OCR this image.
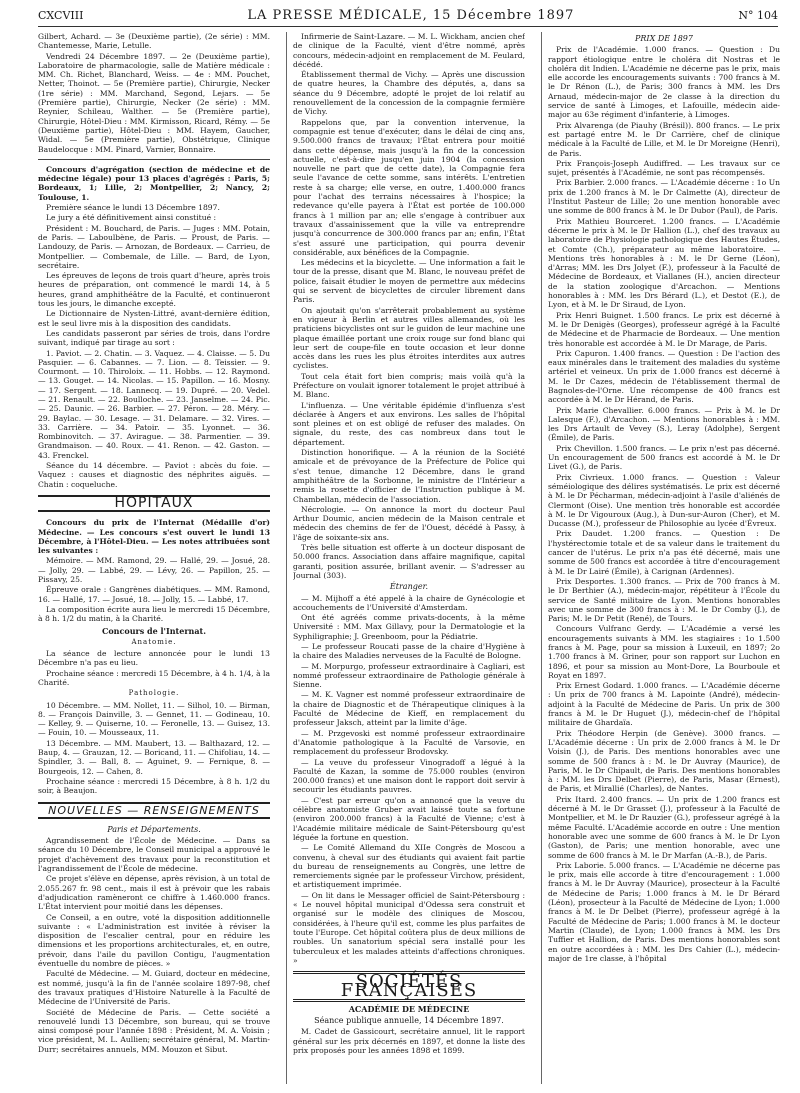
CXCVIII	LA PRESSE MÉDICALE, 15 Décembre 1897	N° 104

Gilbert, Achard. — 3e (Deuxième partie), (2e série) : MM. Chantemesse, Marie, Letulle.

Vendredi 24 Décembre 1897. — 2e (Deuxième partie), Laboratoire de pharmacologie, salle de Matière médicale : MM. Ch. Richet, Blanchard, Weiss. — 4e : MM. Pouchet, Netter, Thoinot. — 5e (Première partie), Chirurgie, Necker (1re série) : MM. Marchand, Segond, Lejars. — 5e (Première partie), Chirurgie, Necker (2e série) : MM. Reynier, Schileau, Walther. — 5e (Première partie), Chirurgie, Hôtel-Dieu : MM. Kirmisson, Ricard, Rémy. — 5e (Deuxième partie), Hôtel-Dieu : MM. Hayem, Gaucher, Widal. — 5e (Première partie), Obstétrique, Clinique Baudelocque : MM. Pinard, Varnier, Bonnaire.

Concours d'agrégation (section de médecine et de médecine légale) pour 13 places d'agrégés : Paris, 5; Bordeaux, 1; Lille, 2; Montpellier, 2; Nancy, 2; Toulouse, 1.

Première séance le lundi 13 Décembre 1897.

Le jury a été définitivement ainsi constitué :

Président : M. Bouchard, de Paris. — Juges : MM. Potain, de Paris. — Laboulbène, de Paris. — Proust, de Paris. — Landouzy, de Paris. — Arnozan, de Bordeaux. — Carrieu, de Montpellier. — Combemale, de Lille. — Bard, de Lyon, secrétaire.

Les épreuves de leçons de trois quart d'heure, après trois heures de préparation, ont commencé le mardi 14, à 5 heures, grand amphithéâtre de la Faculté, et continueront tous les jours, le dimanche excepté.

Le Dictionnaire de Nysten-Littré, avant-dernière édition, est le seul livre mis à la disposition des candidats.

Les candidats passeront par séries de trois, dans l'ordre suivant, indiqué par tirage au sort :

1. Paviot. — 2. Chatin. — 3. Vaquez. — 4. Claisse. — 5. Du Pasquier. — 6. Cabannes. — 7. Lion. — 8. Teissier. — 9. Courmont. — 10. Thiroloix. — 11. Hobbs. — 12. Raymond. — 13. Gouget. — 14. Nicolas. — 15. Papillon. — 16. Mosny. — 17. Sergent. — 18. Lannecq. — 19. Dupré. — 20. Vedel. — 21. Renault. — 22. Boulloche. — 23. Janselme. — 24. Pic. — 25. Daunic. — 26. Barbier. — 27. Péron. — 28. Méry. — 29. Baylac. — 30. Lesage. — 31. Delamare. — 32. Vires. — 33. Carrière. — 34. Patoir. — 35. Lyonnet. — 36. Rombinovitch. — 37. Avirague. — 38. Parmentier. — 39. Grandmaison. — 40. Roux. — 41. Renon. — 42. Gaston. — 43. Frenckel.

Séance du 14 décembre. — Paviot : abcès du foie. — Vaquez : causes et diagnostic des néphrites aiguës. — Chatin : coqueluche.

HOPITAUX

Concours du prix de l'Internat (Médaille d'or) Médecine. — Les concours s'est ouvert le lundi 13 Décembre, à l'Hôtel-Dieu. — Les notes attribuées sont les suivantes :

Mémoire. — MM. Ramond, 29. — Hallé, 29. — Josué, 28. — Jolly, 29. — Labbé, 29. — Lévy, 26. — Papillon, 25. — Pissavy, 25.

Épreuve orale : Gangrènes diabétiques. — MM. Ramond, 16. — Hallé, 17. — Josué, 18. — Jolly, 15. — Labbé, 17.

La composition écrite aura lieu le mercredi 15 Décembre, à 8 h. 1/2 du matin, à la Charité.

Concours de l'Internat.
Anatomie.

La séance de lecture annoncée pour le lundi 13 Décembre n'a pas eu lieu.

Prochaine séance : mercredi 15 Décembre, à 4 h. 1/4, à la Charité.

Pathologie.

10 Décembre. — MM. Nollet, 11. — Silhol, 10. — Birman, 8. — François Dainville, 3. — Gennet, 11. — Godineau, 10. — Kelley, 9. — Quiserne, 10. — Feronelle, 13. — Guisez, 13. — Fouin, 10. — Mousseaux, 11.

13 Décembre. — MM. Maubert, 13. — Balthazard, 12. — Baup, 4. — Grauzan, 12. — Boricand, 11. — Chifoliau, 14. — Spindler, 3. — Ball, 8. — Aguinet, 9. — Fernique, 8. — Bourgeois, 12. — Cahen, 8.

Prochaine séance : mercredi 15 Décembre, à 8 h. 1/2 du soir, à Beaujon.

NOUVELLES — RENSEIGNEMENTS
Paris et Départements.

Agrandissement de l'École de Médecine. — Dans sa séance du 10 Décembre, le Conseil municipal a approuvé le projet d'achèvement des travaux pour la reconstitution et l'agrandissement de l'École de médecine.

Ce projet s'élève en dépense, après révision, à un total de 2.055.267 fr. 98 cent., mais il est à prévoir que les rabais d'adjudication ramèneront ce chiffre à 1.460.000 francs. L'État intervient pour moitié dans les dépenses.

Ce Conseil, a en outre, voté la disposition additionnelle suivante : « L'administration est invitée à réviser la disposition de l'escalier central, pour en réduire les dimensions et les proportions architecturales, et, en outre, prévoir, dans l'aile du pavillon Contigu, l'augmentation éventuelle du nombre de pièces. »

Faculté de Médecine. — M. Guiard, docteur en médecine, est nommé, jusqu'à la fin de l'année scolaire 1897-98, chef des travaux pratiques d'Histoire Naturelle à la Faculté de Médecine de l'Université de Paris.

Société de Médecine de Paris. — Cette société a renouvelé lundi 13 Décembre, son bureau, qui se trouve ainsi composé pour l'année 1898 : Président, M. A. Voisin ; vice président, M. L. Aullien; secrétaire général, M. Martin-Durr; secrétaires annuels, MM. Mouzon et Sibut.

Infirmerie de Saint-Lazare. — M. L. Wickham, ancien chef de clinique de la Faculté, vient d'être nommé, après concours, médecin-adjoint en remplacement de M. Feulard, décédé.

Établissement thermal de Vichy. — Après une discussion de quatre heures, la Chambre des députés, a, dans sa séance du 9 Décembre, adopté le projet de loi relatif au renouvellement de la concession de la compagnie fermière de Vichy.

Rappelons que, par la convention intervenue, la compagnie est tenue d'exécuter, dans le délai de cinq ans, 9.500.000 francs de travaux; l'État entrera pour moitié dans cette dépense, mais jusqu'à la fin de la concession actuelle, c'est-à-dire jusqu'en juin 1904 (la concession nouvelle ne part que de cette date), la Compagnie fera seule l'avance de cette somme, sans intérêts. L'entretien reste à sa charge; elle verse, en outre, 1.400.000 francs pour l'achat des terrains nécessaires à l'hospice; la redevance qu'elle payera à l'État est portée de 100.000 francs à 1 million par an; elle s'engage à contribuer aux travaux d'assainissement que la ville va entreprendre jusqu'à concurrence de 300.000 francs par an; enfin, l'État s'est assuré une participation, qui pourra devenir considérable, aux bénéfices de la Compagnie.

Les médecins et la bicyclette. — Une information a fait le tour de la presse, disant que M. Blanc, le nouveau préfet de police, faisait étudier le moyen de permettre aux médecins qui se servent de bicyclettes de circuler librement dans Paris.

On ajoutait qu'on s'arrêterait probablement au système en vigueur à Berlin et autres villes allemandes, où les praticiens bicyclistes ont sur le guidon de leur machine une plaque émaillée portant une croix rouge sur fond blanc qui leur sert de coupe-file en toute occasion et leur donne accès dans les rues les plus étroites interdites aux autres cyclistes.

Tout cela était fort bien compris; mais voilà qu'à la Préfecture on voulait ignorer totalement le projet attribué à M. Blanc.

L'influenza. — Une véritable épidémie d'influenza s'est déclarée à Angers et aux environs. Les salles de l'hôpital sont pleines et on est obligé de refuser des malades. On signale, du reste, des cas nombreux dans tout le département.

Distinction honorifique. — A la réunion de la Société amicale et de prévoyance de la Préfecture de Police qui s'est tenue, dimanche 12 Décembre, dans le grand amphithéâtre de la Sorbonne, le ministre de l'Intérieur a remis la rosette d'officier de l'Instruction publique à M. Chambellan, médecin de l'association.

Nécrologie. — On annonce la mort du docteur Paul Arthur Doumic, ancien médecin de la Maison centrale et médecin des chemins de fer de l'Ouest, décédé à Passy, à l'âge de soixante-six ans.

Très belle situation est offerte à un docteur disposant de 50.000 francs. Association dans affaire magnifique, capital garanti, position assurée, brillant avenir. — S'adresser au Journal (303).

Étranger.

— M. Mijhoff a été appelé à la chaire de Gynécologie et accouchements de l'Université d'Amsterdam.

Ont été agréés comme privats-docents, à la même Université : MM. Max Gillavy, pour la Dermatologie et la Syphiligraphie; J. Greenboom, pour la Pédiatrie.

— Le professeur Roucati passe de la chaire d'Hygiène à la chaire des Maladies nerveuses de la Faculté de Bologne.

— M. Morpurgo, professeur extraordinaire à Cagliari, est nommé professeur extraordinaire de Pathologie générale à Sienne.

— M. K. Vagner est nommé professeur extraordinaire de la chaire de Diagnostic et de Thérapeutique cliniques à la Faculté de Médecine de Kieff, en remplacement du professeur Jaksch, atteint par la limite d'âge.

— M. Przgevoski est nommé professeur extraordinaire d'Anatomie pathologique à la Faculté de Varsovie, en remplacement du professeur Brodovsky.

— La veuve du professeur Vinogradoff a légué à la Faculté de Kazan, la somme de 75.000 roubles (environ 200.000 francs) et une maison dont le rapport doit servir à secourir les étudiants pauvres.

— C'est par erreur qu'on a annoncé que la veuve du célèbre anatomiste Gruber avait laissé toute sa fortune (environ 200.000 francs) à la Faculté de Vienne; c'est à l'Académie militaire médicale de Saint-Pétersbourg qu'est léguée la fortune en question.

— Le Comité Allemand du XIIe Congrès de Moscou a convenu, à cheval sur des étudiants qui avaient fait partie du bureau de renseignements au Congrès, une lettre de remerciements signée par le professeur Virchow, président, et artistiquement imprimée.

— On lit dans le Messager officiel de Saint-Pétersbourg : « Le nouvel hôpital municipal d'Odessa sera construit et organisé sur le modèle des cliniques de Moscou, considérées, à l'heure qu'il est, comme les plus parfaites de toute l'Europe. Cet hôpital coûtera plus de deux millions de roubles. Un sanatorium spécial sera installé pour les tuberculeux et les malades atteints d'affections chroniques. »

SOCIÉTÉS FRANÇAISES
ACADÉMIE DE MÉDECINE
Séance publique annuelle, 14 Décembre 1897.

M. Cadet de Gassicourt, secrétaire annuel, lit le rapport général sur les prix décernés en 1897, et donne la liste des prix proposés pour les années 1898 et 1899.

PRIX DE 1897

Prix de l'Académie. 1.000 francs. — Question : Du rapport étiologique entre le choléra dit Nostras et le choléra dit Indien. L'Académie ne décerne pas le prix, mais elle accorde les encouragements suivants : 700 francs à M. le Dr Rénon (L.), de Paris; 300 francs à MM. les Drs Arnaud, médecin-major de 2e classe à la direction du service de santé à Limoges, et Lafouille, médecin aide-major au 63e régiment d'infanterie, à Limoges.

Prix Alvarenga (de Piauhy (Brésil)). 800 francs. — Le prix est partagé entre M. le Dr Carrière, chef de clinique médicale à la Faculté de Lille, et M. le Dr Moreigne (Henri), de Paris.

Prix François-Joseph Audiffred. — Les travaux sur ce sujet, présentés à l'Académie, ne sont pas récompensés.

Prix Barbier. 2.000 francs. — L'Académie décerne : 1o Un prix de 1.200 francs à M. le Dr Calmette (A), directeur de l'Institut Pasteur de Lille; 2o une mention honorable avec une somme de 800 francs à M. le Dr Dubor (Paul), de Paris.

Prix Mathieu Bourceret. 1.200 francs. — L'Académie décerne le prix à M. le Dr Hallion (L.), chef des travaux au laboratoire de Physiologie pathologique des Hautes Études, et Comte (Ch.), préparateur au même laboratoire. — Mentions très honorables à : M. le Dr Gerne (Léon), d'Arras; MM. les Drs Jolyet (F.), professeur à la Faculté de Médecine de Bordeaux, et Viallanes (H.), ancien directeur de la station zoologique d'Arcachon. — Mentions honorables à : MM. les Drs Bérard (L.), et Destot (E.), de Lyon, et à M. le Dr Siraud, de Lyon.

Prix Henri Buignet. 1.500 francs. Le prix est décerné à M. le Dr Denigès (Georges), professeur agrégé à la Faculté de Médecine et de Pharmacie de Bordeaux. — Une mention très honorable est accordée à M. le Dr Marage, de Paris.

Prix Capuron. 1.400 francs. — Question : De l'action des eaux minérales dans le traitement des maladies du système artériel et veineux. Un prix de 1.000 francs est décerné à M. le Dr Cazes, médecin de l'établissement thermal de Bagnoles-de-l'Orne. Une récompense de 400 francs est accordée à M. le Dr Hérand, de Paris.

Prix Marie Chevallier. 6.000 francs. — Prix à M. le Dr Lalesque (F.), d'Arcachon. — Mentions honorables à : MM. les Drs Artault de Vevey (S.), Leray (Adolphe), Sergent (Émile), de Paris.

Prix Chevillon. 1.500 francs. — Le prix n'est pas décerné. Un encouragement de 500 francs est accordé à M. le Dr Livet (G.), de Paris.

Prix Civrieux. 1.000 francs. — Question : Valeur séméiologique des délires systématisés. Le prix est décerné à M. le Dr Pécharman, médecin-adjoint à l'asile d'aliénés de Clermont (Oise). Une mention très honorable est accordée à M. le Dr Vigouroux (Aug.), à Dun-sur-Auron (Cher), et M. Ducasse (M.), professeur de Philosophie au lycée d'Évreux.

Prix Daudet. 1.200 francs. — Question : De l'hystérectomie totale et de sa valeur dans le traitement du cancer de l'utérus. Le prix n'a pas été décerné, mais une somme de 500 francs est accordée à titre d'encouragement à M. le Dr Lairé (Émile), à Carignan (Ardennes).

Prix Desportes. 1.300 francs. — Prix de 700 francs à M. le Dr Berthier (A.), médecin-major, répétiteur à l'École du service de Santé militaire de Lyon. Mentions honorables avec une somme de 300 francs à : M. le Dr Comby (J.), de Paris; M. le Dr Petit (René), de Tours.

Concours Vulfranc Gerdy. — L'Académie a versé les encouragements suivants à MM. les stagiaires : 1o 1.500 francs à M. Page, pour sa mission à Luxeuil, en 1897; 2o 1.700 francs à M. Griner, pour son rapport sur Luchon en 1896, et pour sa mission au Mont-Dore, La Bourboule et Royat en 1897.

Prix Ernest Godard. 1.000 francs. — L'Académie décerne : Un prix de 700 francs à M. Lapointe (André), médecin-adjoint à la Faculté de Médecine de Paris. Un prix de 300 francs à M. le Dr Huguet (J.), médecin-chef de l'hôpital militaire de Ghardaïa.

Prix Théodore Herpin (de Genève). 3000 francs. — L'Académie décerne : Un prix de 2.000 francs à M. le Dr Voisin (J.), de Paris. Des mentions honorables avec une somme de 500 francs à : M. le Dr Auvray (Maurice), de Paris, M. le Dr Chipault, de Paris. Des mentions honorables à : MM. les Drs Delbet (Pierre), de Paris, Masar (Ernest), de Paris, et Mirallié (Charles), de Nantes.

Prix Itard. 2.400 francs. — Un prix de 1.200 francs est décerné à M. le Dr Grasset (J.), professeur à la Faculté de Montpellier, et M. le Dr Rauzier (G.), professeur agrégé à la même Faculté. L'Académie accorde en outre : Une mention honorable avec une somme de 600 francs à M. le Dr Lyon (Gaston), de Paris; une mention honorable, avec une somme de 600 francs à M. le Dr Marfan (A.-B.), de Paris.

Prix Laborie. 5.000 francs. — L'Académie ne décerne pas le prix, mais elle accorde à titre d'encouragement : 1.000 francs à M. le Dr Auvray (Maurice), prosecteur à la Faculté de Médecine de Paris; 1.000 francs à M. le Dr Bérard (Léon), prosecteur à la Faculté de Médecine de Lyon; 1.000 francs à M. le Dr Delbet (Pierre), professeur agrégé à la Faculté de Médecine de Paris; 1.000 francs à M. le docteur Martin (Claude), de Lyon; 1.000 francs à MM. les Drs Tuffier et Hallion, de Paris. Des mentions honorables sont en outre accordées à : MM. les Drs Cahier (L.), médecin-major de 1re classe, à l'hôpital
